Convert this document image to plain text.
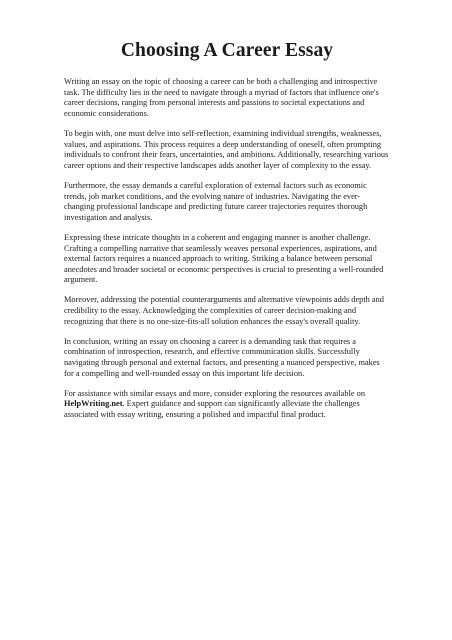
Choosing A Career Essay

Writing an essay on the topic of choosing a career can be both a challenging and introspective task. The difficulty lies in the need to navigate through a myriad of factors that influence one's career decisions, ranging from personal interests and passions to societal expectations and economic considerations.

To begin with, one must delve into self-reflection, examining individual strengths, weaknesses, values, and aspirations. This process requires a deep understanding of oneself, often prompting individuals to confront their fears, uncertainties, and ambitions. Additionally, researching various career options and their respective landscapes adds another layer of complexity to the essay.

Furthermore, the essay demands a careful exploration of external factors such as economic trends, job market conditions, and the evolving nature of industries. Navigating the ever-changing professional landscape and predicting future career trajectories requires thorough investigation and analysis.

Expressing these intricate thoughts in a coherent and engaging manner is another challenge. Crafting a compelling narrative that seamlessly weaves personal experiences, aspirations, and external factors requires a nuanced approach to writing. Striking a balance between personal anecdotes and broader societal or economic perspectives is crucial to presenting a well-rounded argument.

Moreover, addressing the potential counterarguments and alternative viewpoints adds depth and credibility to the essay. Acknowledging the complexities of career decision-making and recognizing that there is no one-size-fits-all solution enhances the essay's overall quality.

In conclusion, writing an essay on choosing a career is a demanding task that requires a combination of introspection, research, and effective communication skills. Successfully navigating through personal and external factors, and presenting a nuanced perspective, makes for a compelling and well-rounded essay on this important life decision.

For assistance with similar essays and more, consider exploring the resources available on HelpWriting.net. Expert guidance and support can significantly alleviate the challenges associated with essay writing, ensuring a polished and impactful final product.
